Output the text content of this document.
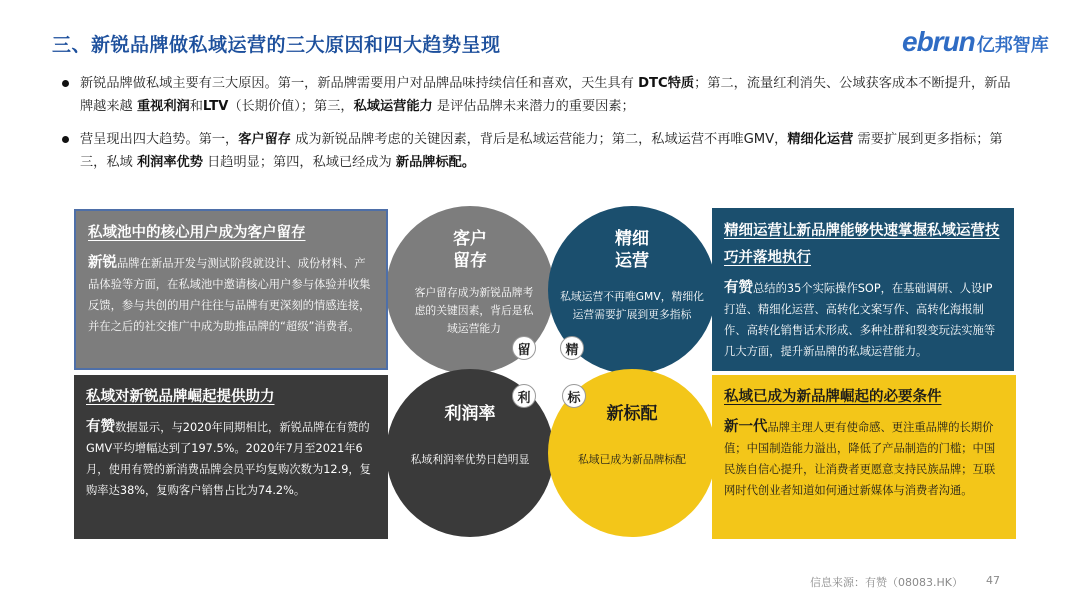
三、新锐品牌做私域运营的三大原因和四大趋势呈现	ebrun 亿邦智库

新锐品牌做私域主要有三大原因。第一，新品牌需要用户对品牌品味持续信任和喜欢，天生具有 DTC特质；第二，流量红利消失、公域获客成本不断提升，新品牌越来越 重视利润和LTV（长期价值）；第三，私域运营能力 是评估品牌未来潜力的重要因素；

营呈现出四大趋势。第一，客户留存 成为新锐品牌考虑的关键因素，背后是私域运营能力；第二，私域运营不再唯GMV，精细化运营 需要扩展到更多指标；第三，私域 利润率优势 日趋明显；第四，私域已经成为 新品牌标配。

客户
留存
客户留存成为新锐品牌考虑的关键因素，背后是私域运营能力
留
精细
运营
私域运营不再唯GMV，精细化运营需要扩展到更多指标
精
利润率
私域利润率优势日趋明显
利
新标配
私域已成为新品牌标配
标
私域池中的核心用户成为客户留存
新锐品牌在新品开发与测试阶段就设计、成份材料、产品体验等方面，在私域池中邀请核心用户参与体验并收集反馈，参与共创的用户往往与品牌有更深刻的情感连接，并在之后的社交推广中成为助推品牌的“超级”消费者。
私域对新锐品牌崛起提供助力
有赞数据显示，与2020年同期相比，新锐品牌在有赞的GMV平均增幅达到了197.5%。2020年7月至2021年6月，使用有赞的新消费品牌会员平均复购次数为12.9，复购率达38%，复购客户销售占比为74.2%。
精细运营让新品牌能够快速掌握私域运营技巧并落地执行
有赞总结的35个实际操作SOP，在基础调研、人设IP打造、精细化运营、高转化文案写作、高转化海报制作、高转化销售话术形成、多种社群和裂变玩法实施等几大方面，提升新品牌的私域运营能力。
私域已成为新品牌崛起的必要条件
新一代品牌主理人更有使命感、更注重品牌的长期价值；中国制造能力溢出，降低了产品制造的门槛；中国民族自信心提升，让消费者更愿意支持民族品牌；互联网时代创业者知道如何通过新媒体与消费者沟通。
信息来源：有赞（08083.HK） 47
